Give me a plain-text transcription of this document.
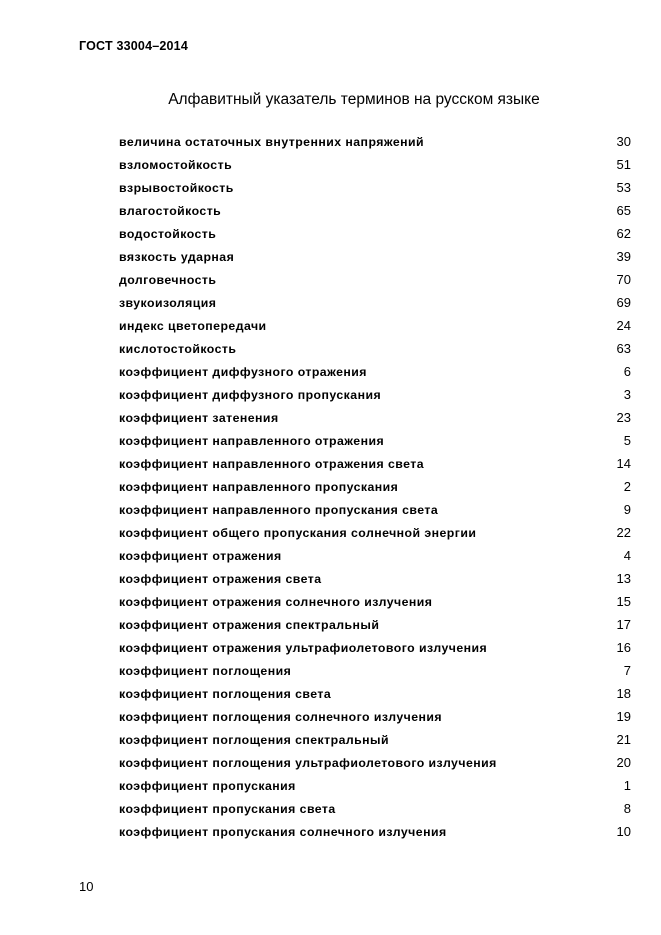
ГОСТ 33004–2014
Алфавитный указатель терминов на русском языке
величина остаточных внутренних напряжений	30
взломостойкость	51
взрывостойкость	53
влагостойкость	65
водостойкость	62
вязкость ударная	39
долговечность	70
звукоизоляция	69
индекс цветопередачи	24
кислотостойкость	63
коэффициент диффузного отражения	6
коэффициент диффузного пропускания	3
коэффициент затенения	23
коэффициент направленного отражения	5
коэффициент направленного отражения света	14
коэффициент направленного пропускания	2
коэффициент направленного пропускания света	9
коэффициент общего пропускания солнечной энергии	22
коэффициент отражения	4
коэффициент отражения света	13
коэффициент отражения солнечного излучения	15
коэффициент отражения спектральный	17
коэффициент отражения ультрафиолетового излучения	16
коэффициент поглощения	7
коэффициент поглощения света	18
коэффициент поглощения солнечного излучения	19
коэффициент поглощения спектральный	21
коэффициент поглощения ультрафиолетового излучения	20
коэффициент пропускания	1
коэффициент пропускания света	8
коэффициент пропускания солнечного излучения	10
10
